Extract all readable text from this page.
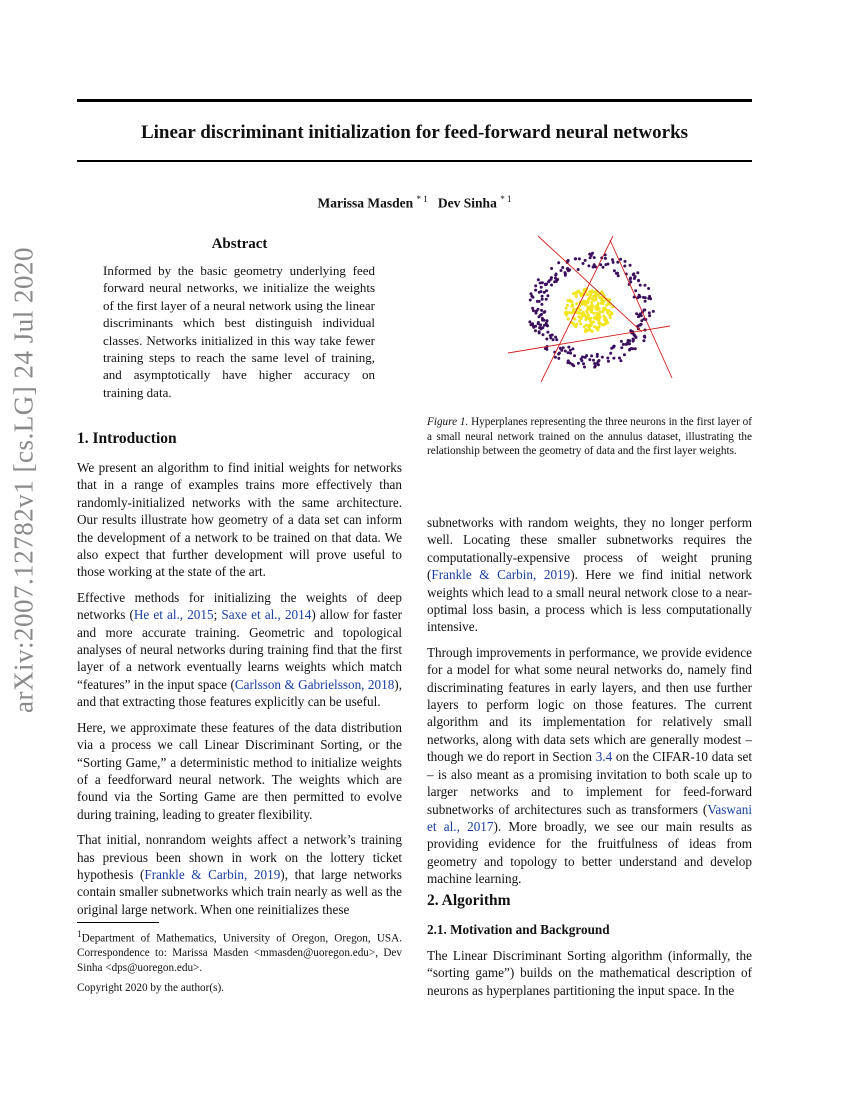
Linear discriminant initialization for feed-forward neural networks
Marissa Masden $^{* 1}$ Dev Sinha $^{* 1}$
arXiv:2007.12782v1 [cs.LG] 24 Jul 2020
Abstract
Informed by the basic geometry underlying feed forward neural networks, we initialize the weights of the first layer of a neural network using the linear discriminants which best distinguish individual classes. Networks initialized in this way take fewer training steps to reach the same level of training, and asymptotically have higher accuracy on training data.
1. Introduction

We present an algorithm to find initial weights for networks that in a range of examples trains more effectively than randomly-initialized networks with the same architecture. Our results illustrate how geometry of a data set can inform the development of a network to be trained on that data. We also expect that further development will prove useful to those working at the state of the art.

Effective methods for initializing the weights of deep networks (He et al., 2015; Saxe et al., 2014) allow for faster and more accurate training. Geometric and topological analyses of neural networks during training find that the first layer of a network eventually learns weights which match “features” in the input space (Carlsson & Gabrielsson, 2018), and that extracting those features explicitly can be useful.

Here, we approximate these features of the data distribution via a process we call Linear Discriminant Sorting, or the “Sorting Game,” a deterministic method to initialize weights of a feedforward neural network. The weights which are found via the Sorting Game are then permitted to evolve during training, leading to greater flexibility.

That initial, nonrandom weights affect a network’s training has previous been shown in work on the lottery ticket hypothesis (Frankle & Carbin, 2019), that large networks contain smaller subnetworks which train nearly as well as the original large network. When one reinitializes these

$^1$Department of Mathematics, University of Oregon, Oregon, USA. Correspondence to: Marissa Masden <mmasden@uoregon.edu>, Dev Sinha <dps@uoregon.edu>.
Copyright 2020 by the author(s).
Figure 1. Hyperplanes representing the three neurons in the first layer of a small neural network trained on the annulus dataset, illustrating the relationship between the geometry of data and the first layer weights.

subnetworks with random weights, they no longer perform well. Locating these smaller subnetworks requires the computationally-expensive process of weight pruning (Frankle & Carbin, 2019). Here we find initial network weights which lead to a small neural network close to a near-optimal loss basin, a process which is less computationally intensive.

Through improvements in performance, we provide evidence for a model for what some neural networks do, namely find discriminating features in early layers, and then use further layers to perform logic on those features. The current algorithm and its implementation for relatively small networks, along with data sets which are generally modest – though we do report in Section 3.4 on the CIFAR-10 data set – is also meant as a promising invitation to both scale up to larger networks and to implement for feed-forward subnetworks of architectures such as transformers (Vaswani et al., 2017). More broadly, we see our main results as providing evidence for the fruitfulness of ideas from geometry and topology to better understand and develop machine learning.

2. Algorithm
2.1. Motivation and Background

The Linear Discriminant Sorting algorithm (informally, the “sorting game”) builds on the mathematical description of neurons as hyperplanes partitioning the input space. In the
